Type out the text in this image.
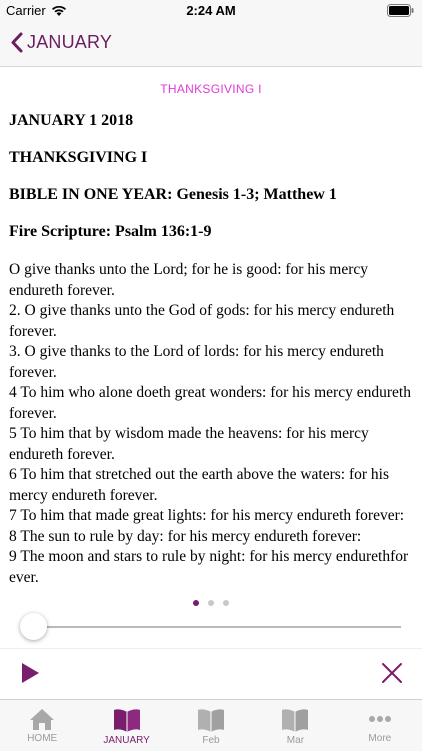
Carrier	2:24 AM
JANUARY
THANKSGIVING I

JANUARY 1 2018

THANKSGIVING I

BIBLE IN ONE YEAR: Genesis 1-3; Matthew 1

Fire Scripture: Psalm 136:1-9

O give thanks unto the Lord; for he is good: for his mercy endureth forever.
2. O give thanks unto the God of gods: for his mercy endureth forever.
3. O give thanks to the Lord of lords: for his mercy endureth forever.
4 To him who alone doeth great wonders: for his mercy endureth forever.
5 To him that by wisdom made the heavens: for his mercy endureth forever.
6 To him that stretched out the earth above the waters: for his mercy endureth forever.
7 To him that made great lights: for his mercy endureth forever:
8 The sun to rule by day: for his mercy endureth forever:
9 The moon and stars to rule by night: for his mercy endurethfor ever.
HOME	JANUARY	Feb	Mar	More
